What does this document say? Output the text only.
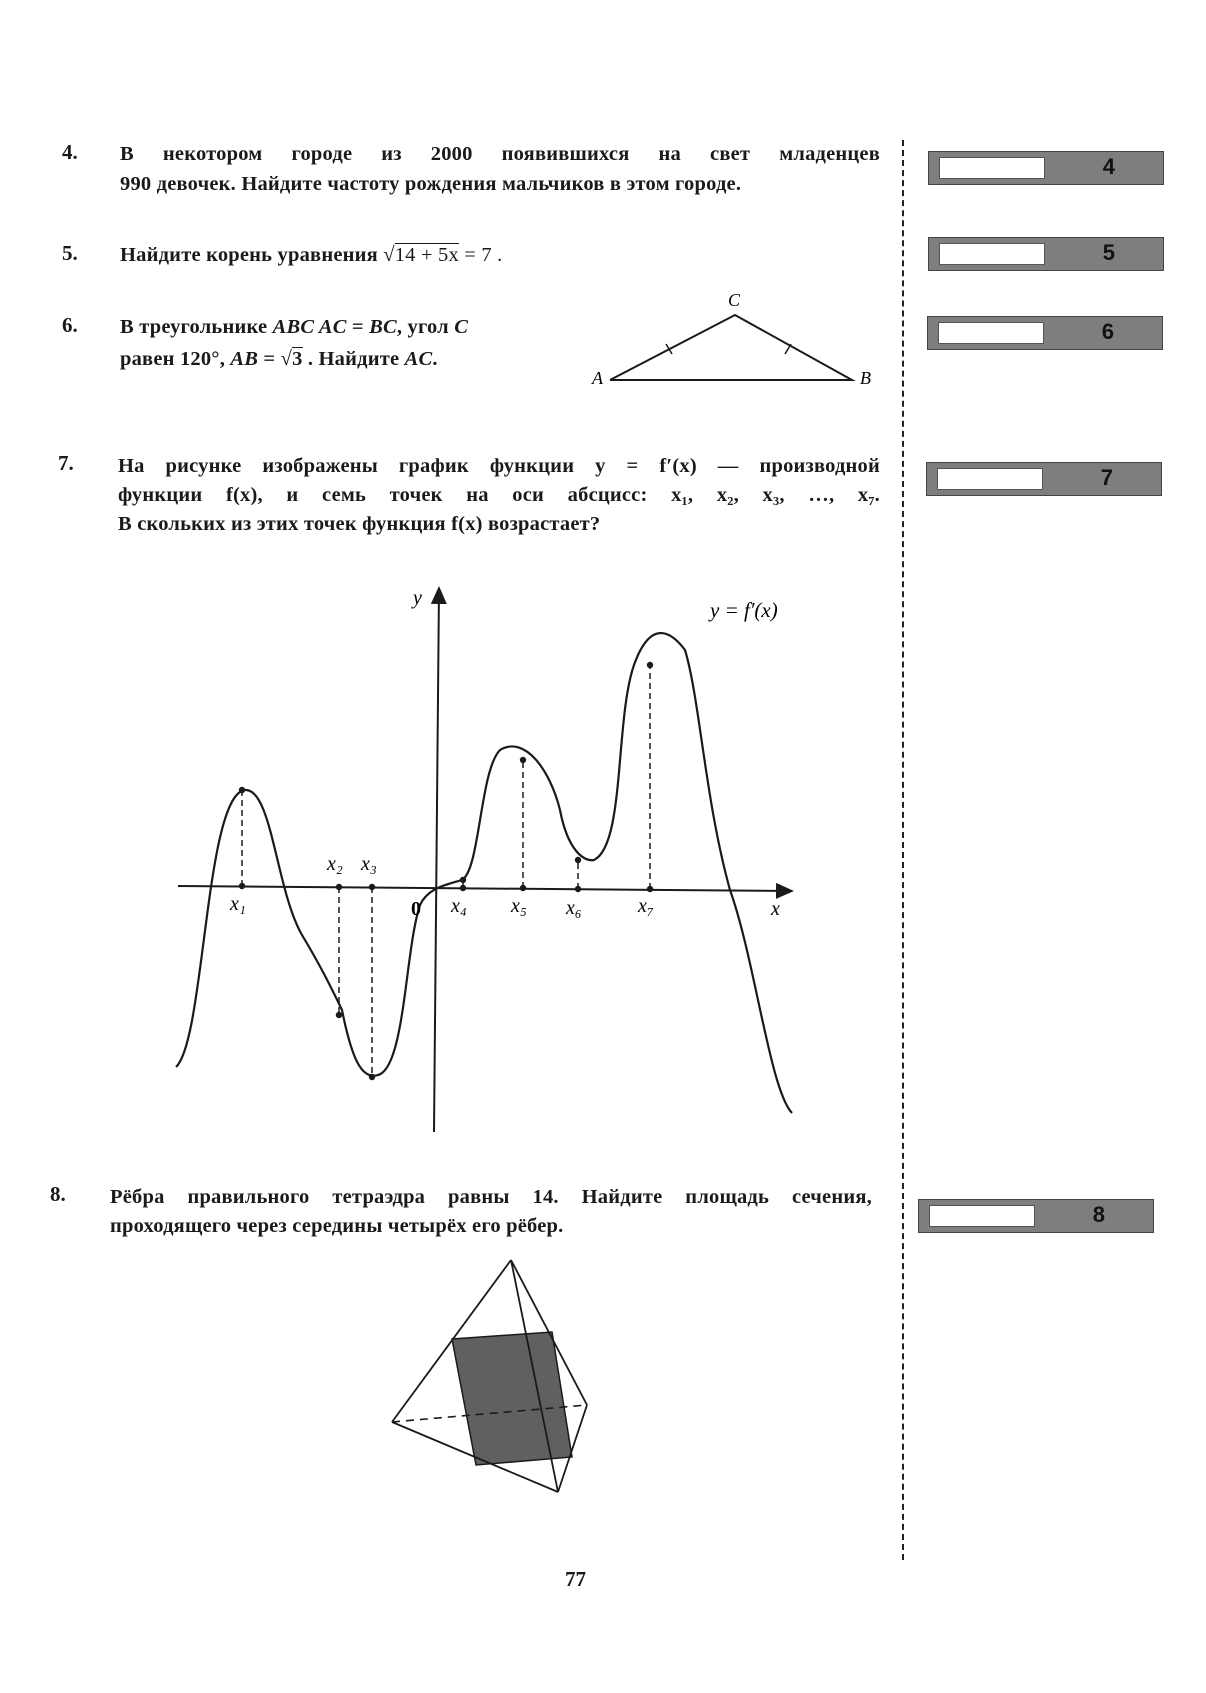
4. В некотором городе из 2000 появившихся на свет младенцев
990 девочек. Найдите частоту рождения мальчиков в этом городе.
4
5. Найдите корень уравнения √14 + 5x = 7 .	5
6. В треугольнике ABC AC = BC, угол C
равен 120°, AB = √3 . Найдите AC.
A	B
C
6
7. На рисунке изображены график функции y = f′(x) — производной
функции f(x), и семь точек на оси абсцисс: x₁, x₂, x₃, …, x₇.
В скольких из этих точек функция f(x) возрастает?
7
x₁
x₂ x₃
x₄ x₅ x₆	x₇
y
x
0
y = f′(x)
8. Рёбра правильного тетраэдра равны 14. Найдите площадь сечения,
проходящего через середины четырёх его рёбер.	8
77
